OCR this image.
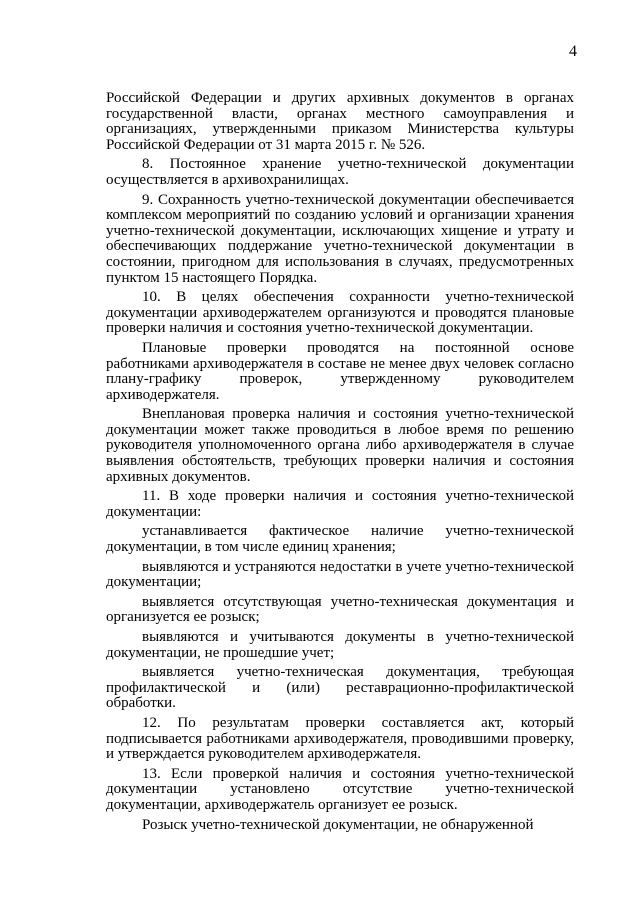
4

Российской Федерации и других архивных документов в органах государственной власти, органах местного самоуправления и организациях, утвержденными приказом Министерства культуры Российской Федерации от 31 марта 2015 г. № 526.

8. Постоянное хранение учетно-технической документации осуществляется в архивохранилищах.

9. Сохранность учетно-технической документации обеспечивается комплексом мероприятий по созданию условий и организации хранения учетно-технической документации, исключающих хищение и утрату и обеспечивающих поддержание учетно-технической документации в состоянии, пригодном для использования в случаях, предусмотренных пунктом 15 настоящего Порядка.

10. В целях обеспечения сохранности учетно-технической документации архиводержателем организуются и проводятся плановые проверки наличия и состояния учетно-технической документации.

Плановые проверки проводятся на постоянной основе работниками архиводержателя в составе не менее двух человек согласно плану-графику проверок, утвержденному руководителем архиводержателя.

Внеплановая проверка наличия и состояния учетно-технической документации может также проводиться в любое время по решению руководителя уполномоченного органа либо архиводержателя в случае выявления обстоятельств, требующих проверки наличия и состояния архивных документов.

11. В ходе проверки наличия и состояния учетно-технической документации:

устанавливается фактическое наличие учетно-технической документации, в том числе единиц хранения;

выявляются и устраняются недостатки в учете учетно-технической документации;

выявляется отсутствующая учетно-техническая документация и организуется ее розыск;

выявляются и учитываются документы в учетно-технической документации, не прошедшие учет;

выявляется учетно-техническая документация, требующая профилактической и (или) реставрационно-профилактической обработки.

12. По результатам проверки составляется акт, который подписывается работниками архиводержателя, проводившими проверку, и утверждается руководителем архиводержателя.

13. Если проверкой наличия и состояния учетно-технической документации установлено отсутствие учетно-технической документации, архиводержатель организует ее розыск.

Розыск учетно-технической документации, не обнаруженной
